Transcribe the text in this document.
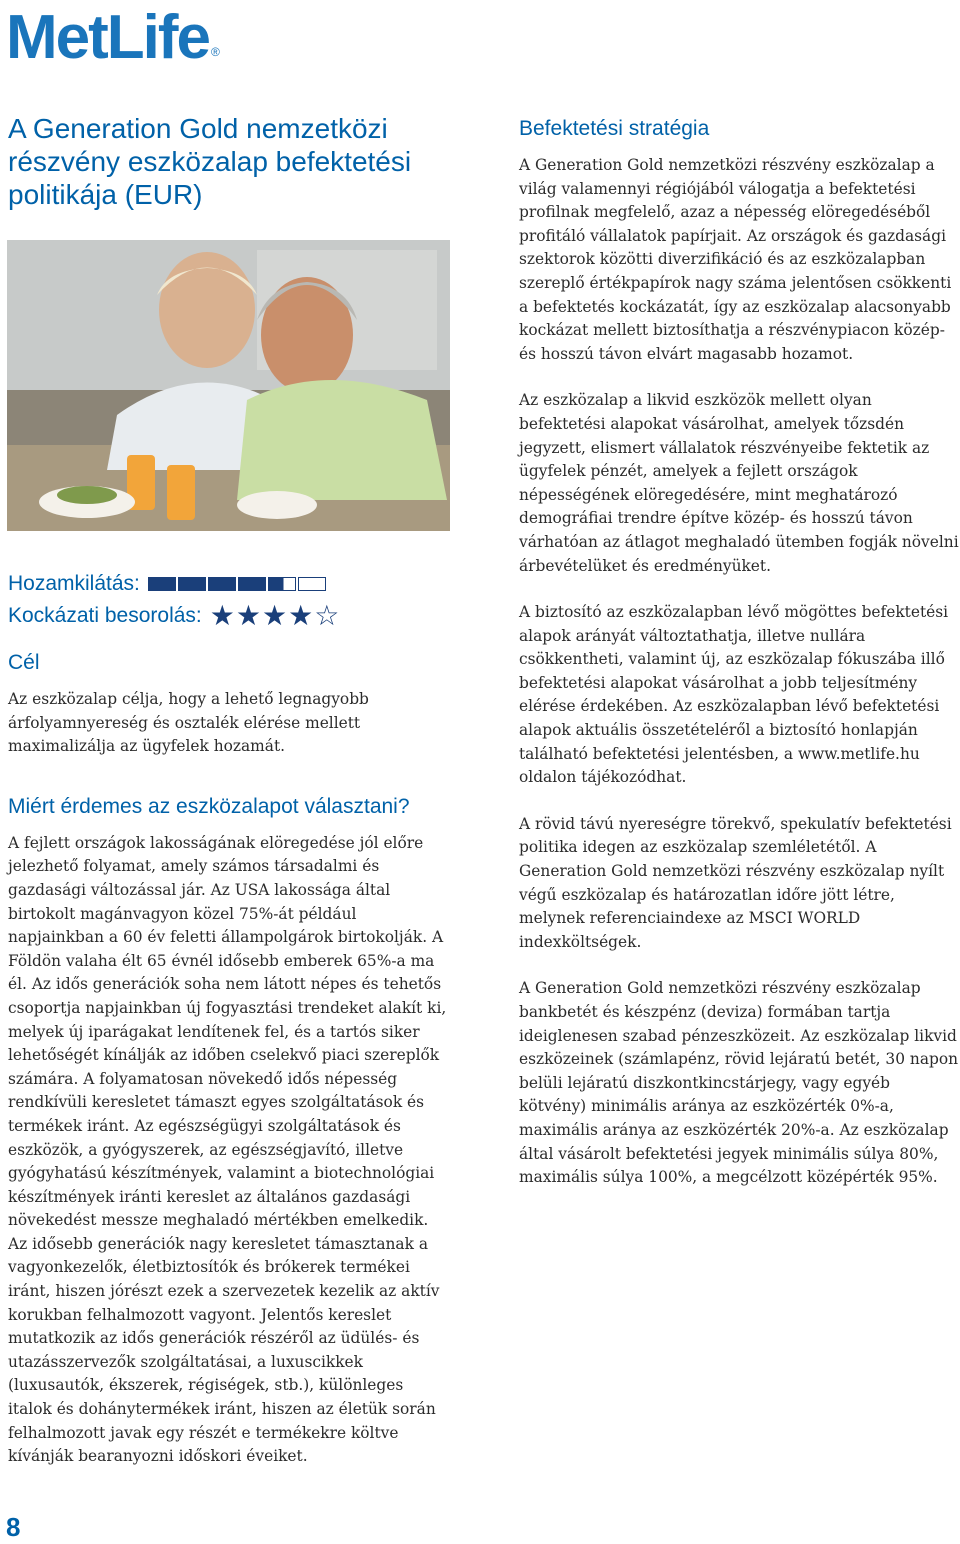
MetLife ®
A Generation Gold nemzetközi részvény eszközalap befektetési politikája (EUR)
Hozamkilátás:
Kockázati besorolás: ★★★★☆
Cél

Az eszközalap célja, hogy a lehető legnagyobb árfolyamnyereség és osztalék elérése mellett maximalizálja az ügyfelek hozamát.

Miért érdemes az eszközalapot választani?

A fejlett országok lakosságának elöregedése jól előre jelezhető folyamat, amely számos társadalmi és gazdasági változással jár. Az USA lakossága által birtokolt magánvagyon közel 75%-át például napjainkban a 60 év feletti állampolgárok birtokolják. A Földön valaha élt 65 évnél idősebb emberek 65%-a ma él. Az idős generációk soha nem látott népes és tehetős csoportja napjainkban új fogyasztási trendeket alakít ki, melyek új iparágakat lendítenek fel, és a tartós siker lehetőségét kínálják az időben cselekvő piaci szereplők számára. A folyamatosan növekedő idős népesség rendkívüli keresletet támaszt egyes szolgáltatások és termékek iránt. Az egészségügyi szolgáltatások és eszközök, a gyógyszerek, az egészségjavító, illetve gyógyhatású készítmények, valamint a biotechnológiai készítmények iránti kereslet az általános gazdasági növekedést messze meghaladó mértékben emelkedik. Az idősebb generációk nagy keresletet támasztanak a vagyonkezelők, életbiztosítók és brókerek termékei iránt, hiszen jórészt ezek a szervezetek kezelik az aktív korukban felhalmozott vagyont. Jelentős kereslet mutatkozik az idős generációk részéről az üdülés- és utazásszervezők szolgáltatásai, a luxuscikkek (luxusautók, ékszerek, régiségek, stb.), különleges italok és dohánytermékek iránt, hiszen az életük során felhalmozott javak egy részét e termékekre költve kívánják bearanyozni időskori éveiket.

Befektetési stratégia

A Generation Gold nemzetközi részvény eszközalap a világ valamennyi régiójából válogatja a befektetési profilnak megfelelő, azaz a népesség elöregedéséből profitáló vállalatok papírjait. Az országok és gazdasági szektorok közötti diverzifikáció és az eszközalapban szereplő értékpapírok nagy száma jelentősen csökkenti a befektetés kockázatát, így az eszközalap alacsonyabb kockázat mellett biztosíthatja a részvénypiacon közép- és hosszú távon elvárt magasabb hozamot.

Az eszközalap a likvid eszközök mellett olyan befektetési alapokat vásárolhat, amelyek tőzsdén jegyzett, elismert vállalatok részvényeibe fektetik az ügyfelek pénzét, amelyek a fejlett országok népességének elöregedésére, mint meghatározó demográfiai trendre építve közép- és hosszú távon várhatóan az átlagot meghaladó ütemben fogják növelni árbevételüket és eredményüket.

A biztosító az eszközalapban lévő mögöttes befektetési alapok arányát változtathatja, illetve nullára csökkentheti, valamint új, az eszközalap fókuszába illő befektetési alapokat vásárolhat a jobb teljesítmény elérése érdekében. Az eszközalapban lévő befektetési alapok aktuális összetételéről a biztosító honlapján található befektetési jelentésben, a www.metlife.hu oldalon tájékozódhat.

A rövid távú nyereségre törekvő, spekulatív befektetési politika idegen az eszközalap szemléletétől. A Generation Gold nemzetközi részvény eszközalap nyílt végű eszközalap és határozatlan időre jött létre, melynek referenciaindexe az MSCI WORLD indexköltségek.

A Generation Gold nemzetközi részvény eszközalap bankbetét és készpénz (deviza) formában tartja ideiglenesen szabad pénzeszközeit. Az eszközalap likvid eszközeinek (számlapénz, rövid lejáratú betét, 30 napon belüli lejáratú diszkontkincstárjegy, vagy egyéb kötvény) minimális aránya az eszközérték 0%-a, maximális aránya az eszközérték 20%-a. Az eszközalap által vásárolt befektetési jegyek minimális súlya 80%, maximális súlya 100%, a megcélzott középérték 95%.

8
